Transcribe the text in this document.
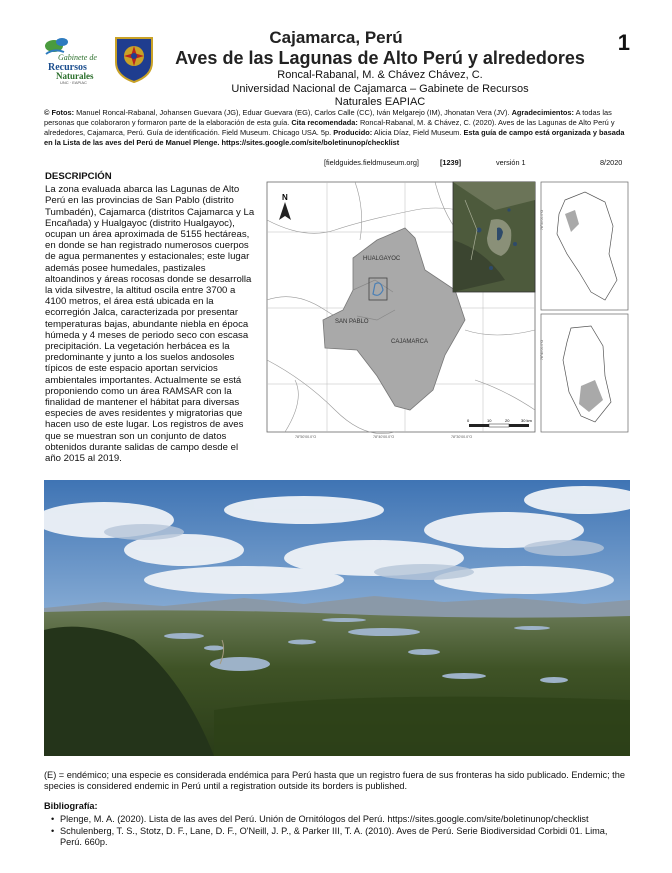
Gabinete de
Recursos
Naturales
UNC · EAPIAC
Cajamarca, Perú
Aves de las Lagunas de Alto Perú y alrededores
1
Roncal-Rabanal, M. & Chávez Chávez, C.
Universidad Nacional de Cajamarca – Gabinete de Recursos
Naturales EAPIAC
© Fotos: Manuel Roncal-Rabanal, Johansen Guevara (JG), Eduar Guevara (EG), Carlos Calle (CC), Iván Melgarejo (IM), Jhonatan Vera (JV). Agradecimientos: A todas las personas que colaboraron y formaron parte de la elaboración de esta guía. Cita recomendada: Roncal-Rabanal, M. & Chávez, C. (2020). Aves de las Lagunas de Alto Perú y alrededores, Cajamarca, Perú. Guía de identificación. Field Museum. Chicago USA. 5p. Producido: Alicia Díaz, Field Museum. Esta guía de campo está organizada y basada en la Lista de las aves del Perú de Manuel Plenge. https://sites.google.com/site/boletinunop/checklist
[fieldguides.fieldmuseum.org]	[1239]	versión 1	8/2020
DESCRIPCIÓN

La zona evaluada abarca las Lagunas de Alto Perú en las provincias de San Pablo (distrito Tumbadén), Cajamarca (distritos Cajamarca y La Encañada) y Hualgayoc (distrito Hualgayoc), ocupan un área aproximada de 5155 hectáreas, en donde se han registrado numerosos cuerpos de agua permanentes y estacionales; este lugar además posee humedales, pastizales altoandinos y áreas rocosas donde se desarrolla la vida silvestre, la altitud oscila entre 3700 a 4100 metros, el área está ubicada en la ecorregión Jalca, caracterizada por presentar temperaturas bajas, abundante niebla en época húmeda y 4 meses de periodo seco con escasa precipitación. La vegetación herbácea es la predominante y junto a los suelos andosoles típicos de este espacio aportan servicios ambientales importantes. Actualmente se está proponiendo como un área RAMSAR con la finalidad de mantener el hábitat para diversas especies de aves residentes y migratorias que hacen uso de este lugar. Los registros de aves que se muestran son un conjunto de datos obtenidos durante salidas de campo desde el año 2015 al 2019.

HUALGAYOC
SAN PABLO
CAJAMARCA
N
0	10	20	30 km
78°50'00.0"O	78°40'00.0"O	78°30'00.0"O
78°50'00.0"O
78°40'00.0"O
(E) = endémico; una especie es considerada endémica para Perú hasta que un registro fuera de sus fronteras ha sido publicado. Endemic; the species is considered endemic in Perú until a registration outside its borders is published.
Bibliografía:
• Plenge, M. A. (2020). Lista de las aves del Perú. Unión de Ornitólogos del Perú. https://sites.google.com/site/boletinunop/checklist
• Schulenberg, T. S., Stotz, D. F., Lane, D. F., O'Neill, J. P., & Parker III, T. A. (2010). Aves de Perú. Serie Biodiversidad Corbidi 01. Lima, Perú. 660p.
